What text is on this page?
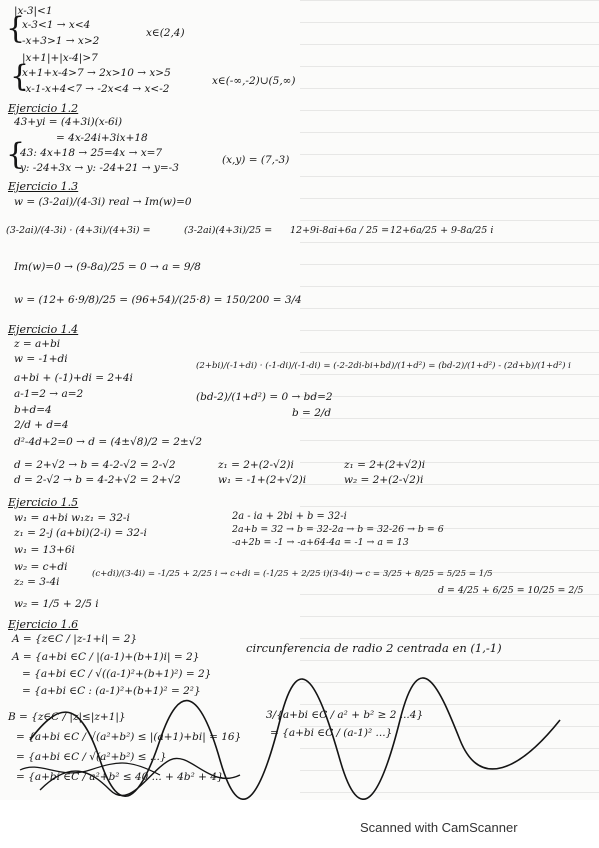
|x-3|<1
{
x-3<1 → x<4
-x+3>1 → x>2
x∈(2,4)
|x+1|+|x-4|>7
{
x+1+x-4>7 → 2x>10 → x>5
-x-1-x+4<7 → -2x<4 → x<-2
x∈(-∞,-2)∪(5,∞)
Ejercicio 1.2
43+yi = (4+3i)(x-6i)
= 4x-24i+3ix+18
{
43: 4x+18 → 25=4x → x=7
y: -24+3x → y: -24+21 → y=-3
(x,y) = (7,-3)
Ejercicio 1.3
w = (3-2ai)/(4-3i) real → Im(w)=0
(3-2ai)/(4-3i) · (4+3i)/(4+3i) =	(3-2ai)(4+3i)/25 = 12+9i-8ai+6a / 25 = 12+6a/25 + 9-8a/25 i
Im(w)=0 → (9-8a)/25 = 0 → a = 9/8
w = (12+ 6·9/8)/25 = (96+54)/(25·8) = 150/200 = 3/4
Ejercicio 1.4
z = a+bi
w = -1+di
a+bi + (-1)+di = 2+4i
a-1=2 → a=2
b+d=4
2/d + d=4
d²-4d+2=0 → d = (4±√8)/2 = 2±√2
d = 2+√2 → b = 4-2-√2 = 2-√2
d = 2-√2 → b = 4-2+√2 = 2+√2
(2+bi)/(-1+di) · (-1-di)/(-1-di) = (-2-2di-bi+bd)/(1+d²) = (bd-2)/(1+d²) - (2d+b)/(1+d²) i
(bd-2)/(1+d²) = 0 → bd=2
b = 2/d
z₁ = 2+(2-√2)i
w₁ = -1+(2+√2)i
z₁ = 2+(2+√2)i
w₂ = 2+(2-√2)i
Ejercicio 1.5
w₁ = a+bi w₁z₁ = 32-i
z₁ = 2-j (a+bi)(2-i) = 32-i
w₁ = 13+6i
2a - ia + 2bi + b = 32-i
2a+b = 32 → b = 32-2a → b = 32-26 → b = 6
-a+2b = -1 → -a+64-4a = -1 → a = 13
w₂ = c+di
z₂ = 3-4i
(c+di)/(3-4i) = -1/25 + 2/25 i → c+di = (-1/25 + 2/25 i)(3-4i) → c = 3/25 + 8/25 = 5/25 = 1/5
d = 4/25 + 6/25 = 10/25 = 2/5
w₂ = 1/5 + 2/5 i
Ejercicio 1.6
A = {z∈C / |z-1+i| = 2}
A = {a+bi ∈C / |(a-1)+(b+1)i| = 2}
= {a+bi ∈C / √((a-1)²+(b+1)²) = 2}
= {a+bi ∈C : (a-1)²+(b+1)² = 2²}
circunferencia de radio 2 centrada en (1,-1)
B = {z∈C / |z|≤|z+1|}
= {a+bi ∈C / √(a²+b²) ≤ |(a+1)+bi| = 16}
= {a+bi ∈C / √(a²+b²) ≤ ...}
= {a+bi ∈C / a²+b² ≤ 40 ... + 4b² + 4}
3/{a+bi ∈C / a² + b² ≥ 2 ...4}
= {a+bi ∈C / (a-1)² ...}
Scanned with CamScanner
